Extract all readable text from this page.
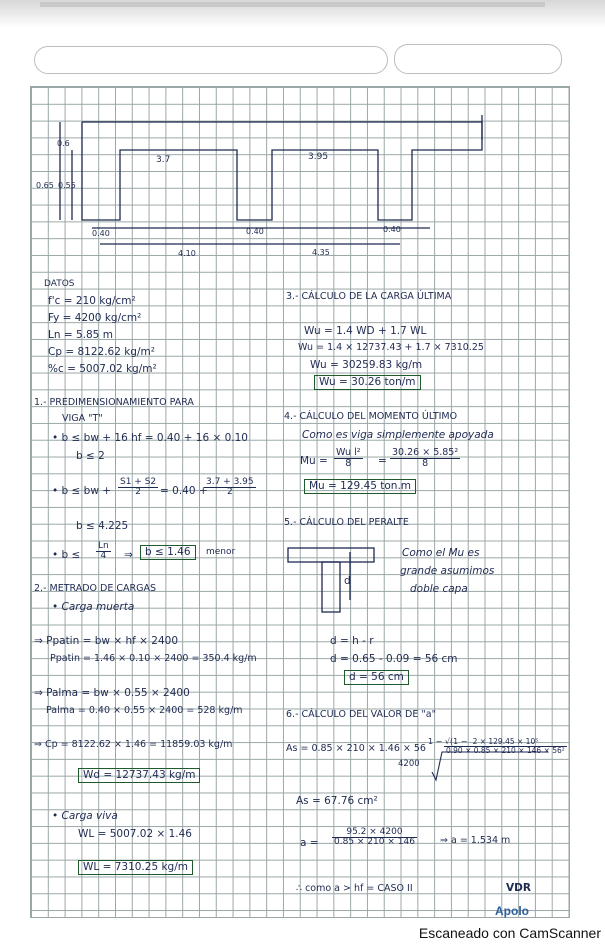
0.6
0.65 0.55
3.7	3.95
0.40	0.40	0.40
4.10	4.35
DATOS
f'c = 210 kg/cm²
Fy = 4200 kg/cm²
Ln = 5.85 m
Cp = 8122.62 kg/m²
%c = 5007.02 kg/m²
1.- PREDIMENSIONAMIENTO PARA
VIGA "T"
• b ≤ bw + 16 hf = 0.40 + 16 × 0.10
b ≤ 2
• b ≤ bw + $\frac{S1 + S2}{2} = 0.40$ +
$\frac{3.7 + 3.95}{2}$
b ≤ 4.225
• $b \le \frac{Ln}{4}$ ⇒	b ≤ 1.46	menor
2.- METRADO DE CARGAS
• Carga muerta
⇒ Ppatin = bw × hf × 2400
Ppatin = 1.46 × 0.10 × 2400 = 350.4 kg/m
⇒ Palma = bw × 0.55 × 2400
Palma = 0.40 × 0.55 × 2400 = 528 kg/m
⇒ Cp = 8122.62 × 1.46 = 11859.03 kg/m
Wd = 12737.43 kg/m
• Carga viva
WL = 5007.02 × 1.46
WL = 7310.25 kg/m
3.- CÁLCULO DE LA CARGA ÚLTIMA
Wu = 1.4 WD + 1.7 WL
Wu = 1.4 × 12737.43 + 1.7 × 7310.25
Wu = 30259.83 kg/m
Wu = 30.26 ton/m
4.- CÁLCULO DEL MOMENTO ÚLTIMO
Como es viga simplemente apoyada
$Mu = \frac{\text{Wu l²}}{8} = \frac{\text{30.26 × 5.85²}}{8}$
Mu = 129.45 ton.m
5.- CÁLCULO DEL PERALTE
Como el Mu es
grande asumimos
doble capa
d
d = h - r
d = 0.65 - 0.09 = 56 cm
d = 56 cm
6.- CÁLCULO DEL VALOR DE "a"
As = 0.85 × 210 × 1.46 × 56
4200
1 − √(1 −
$\frac{\text{2 × 129.45 × 10⁵}}{\text{0.90 × 0.85 × 210 × 146 × 56²}}$
As = 67.76 cm²
$a = \frac{95.2 \times 4200}{0.85 \times 210 \times 146}$ ⇒ a = 1.534 m
∴ como a > hf = CASO II	VDR
Apolo
Escaneado con CamScanner
